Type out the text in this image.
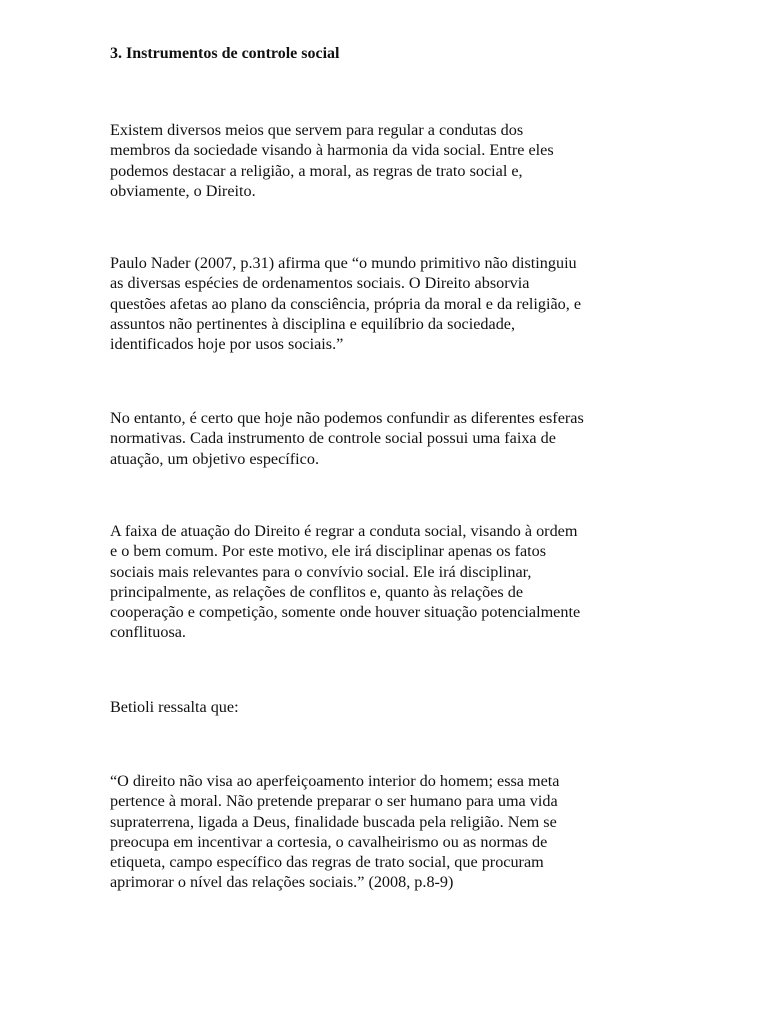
3. Instrumentos de controle social

Existem diversos meios que servem para regular a condutas dos
membros da sociedade visando à harmonia da vida social. Entre eles
podemos destacar a religião, a moral, as regras de trato social e,
obviamente, o Direito.

Paulo Nader (2007, p.31) afirma que “o mundo primitivo não distinguiu
as diversas espécies de ordenamentos sociais. O Direito absorvia
questões afetas ao plano da consciência, própria da moral e da religião, e
assuntos não pertinentes à disciplina e equilíbrio da sociedade,
identificados hoje por usos sociais.”

No entanto, é certo que hoje não podemos confundir as diferentes esferas
normativas. Cada instrumento de controle social possui uma faixa de
atuação, um objetivo específico.

A faixa de atuação do Direito é regrar a conduta social, visando à ordem
e o bem comum. Por este motivo, ele irá disciplinar apenas os fatos
sociais mais relevantes para o convívio social. Ele irá disciplinar,
principalmente, as relações de conflitos e, quanto às relações de
cooperação e competição, somente onde houver situação potencialmente
conflituosa.

Betioli ressalta que:

“O direito não visa ao aperfeiçoamento interior do homem; essa meta
pertence à moral. Não pretende preparar o ser humano para uma vida
supraterrena, ligada a Deus, finalidade buscada pela religião. Nem se
preocupa em incentivar a cortesia, o cavalheirismo ou as normas de
etiqueta, campo específico das regras de trato social, que procuram
aprimorar o nível das relações sociais.” (2008, p.8-9)
